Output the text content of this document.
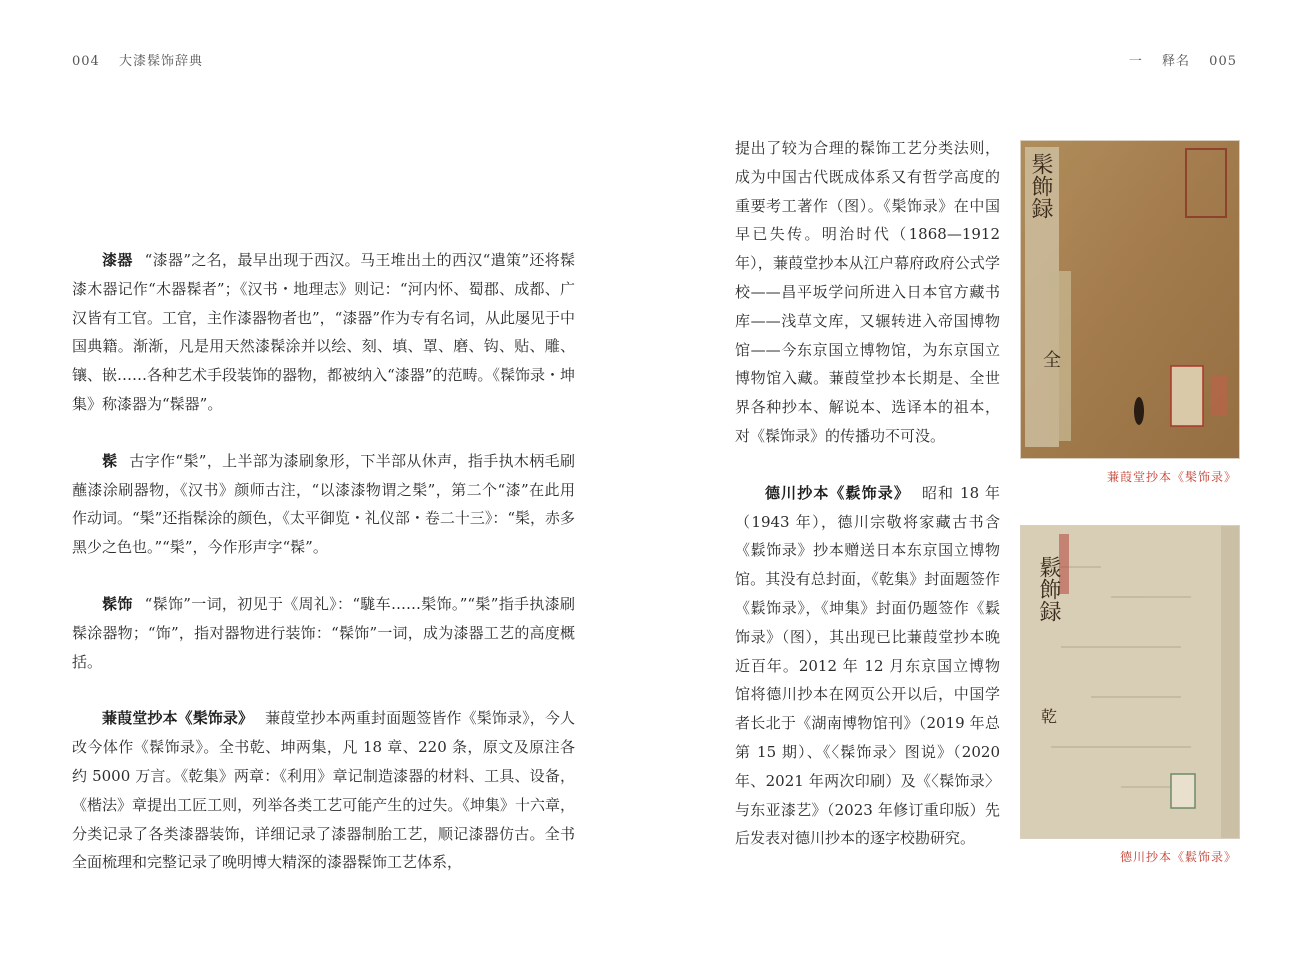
004 大漆髹饰辞典	一 释名 005

漆器 “漆器”之名，最早出现于西汉。马王堆出土的西汉“遣策”还将髹漆木器记作“木器髹者”；《汉书・地理志》则记：“河内怀、蜀郡、成都、广汉皆有工官。工官，主作漆器物者也”，“漆器”作为专有名词，从此屡见于中国典籍。渐渐，凡是用天然漆髹涂并以绘、刻、填、罩、磨、钩、贴、雕、镶、嵌……各种艺术手段装饰的器物，都被纳入“漆器”的范畴。《髹饰录・坤集》称漆器为“髹器”。

髹 古字作“髤”，上半部为漆刷象形，下半部从休声，指手执木柄毛刷蘸漆涂刷器物，《汉书》颜师古注，“以漆漆物谓之髤”，第二个“漆”在此用作动词。“髤”还指髹涂的颜色，《太平御览・礼仪部・卷二十三》：“髤，赤多黑少之色也。”“髤”，今作形声字“髹”。

髹饰 “髹饰”一词，初见于《周礼》：“駹车……髤饰。”“髤”指手执漆刷髹涂器物；“饰”，指对器物进行装饰：“髹饰”一词，成为漆器工艺的高度概括。

蒹葭堂抄本《髤饰录》 蒹葭堂抄本两重封面题签皆作《髤饰录》，今人改今体作《髹饰录》。全书乾、坤两集，凡 18 章、220 条，原文及原注各约 5000 万言。《乾集》两章：《利用》章记制造漆器的材料、工具、设备，《楷法》章提出工匠工则，列举各类工艺可能产生的过失。《坤集》十六章，分类记录了各类漆器装饰，详细记录了漆器制胎工艺，顺记漆器仿古。全书全面梳理和完整记录了晚明博大精深的漆器髹饰工艺体系，

提出了较为合理的髹饰工艺分类法则，成为中国古代既成体系又有哲学高度的重要考工著作（图）。《髤饰录》在中国早已失传。明治时代（1868—1912 年），蒹葭堂抄本从江户幕府政府公式学校——昌平坂学问所进入日本官方藏书库——浅草文库，又辗转进入帝国博物馆——今东京国立博物馆，为东京国立博物馆入藏。蒹葭堂抄本长期是、全世界各种抄本、解说本、选译本的祖本，对《髹饰录》的传播功不可没。

德川抄本《鬏饰录》 昭和 18 年（1943 年），德川宗敬将家藏古书含《鬏饰录》抄本赠送日本东京国立博物馆。其没有总封面，《乾集》封面题签作《鬏饰录》，《坤集》封面仍题签作《鬏饰录》（图），其出现已比蒹葭堂抄本晚近百年。2012 年 12 月东京国立博物馆将德川抄本在网页公开以后，中国学者长北于《湖南博物馆刊》（2019 年总第 15 期）、《〈髹饰录〉图说》（2020 年、2021 年两次印刷）及《〈髹饰录〉与东亚漆艺》（2023 年修订重印版）先后发表对德川抄本的逐字校勘研究。

髤飾録
全
蒹葭堂抄本《髤饰录》
鬏飾録
乾
德川抄本《鬏饰录》
